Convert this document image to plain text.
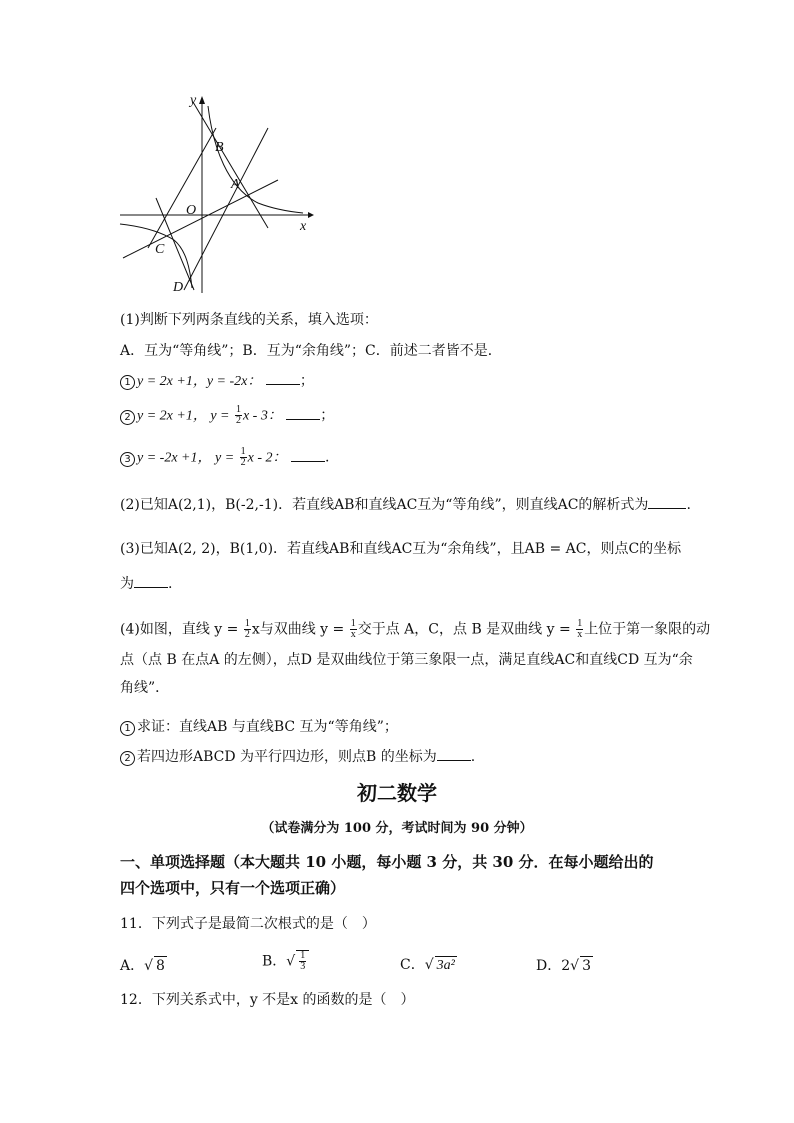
y
x
O
B
A
C
D
(1)判断下列两条直线的关系，填入选项：
A．互为“等角线”；B．互为“余角线”；C．前述二者皆不是．
1 y = 2x +1，y = -2x：	；
2 y = 2x +1， $y = \frac{1}{2}$ x - 3：	；
3 y = -2x +1， $y = \frac{1}{2}$ x - 2：	.
(2)已知A(2,1)，B(-2,-1)．若直线AB和直线AC互为“等角线”，则直线AC的解析式为	.
(3)已知A(2, 2)，B(1,0)．若直线AB和直线AC互为“余角线”，且AB = AC，则点C的坐标
为 .
(4)如图，直线 $y = \frac{1}{2}$ x与双曲线 $y = \frac{1}{x}$ 交于点 A，C，点 B 是双曲线 $y = \frac{1}{x}$ 上位于第一象限的动
点（点 B 在点A 的左侧），点D 是双曲线位于第三象限一点，满足直线AC和直线CD 互为“余
角线”．
1 求证：直线AB 与直线BC 互为“等角线”；
2 若四边形ABCD 为平行四边形，则点B 的坐标为 .
初二数学
（试卷满分为 100 分，考试时间为 90 分钟）
一、单项选择题（本大题共 10 小题，每小题 3 分，共 30 分．在每小题给出的
四个选项中，只有一个选项正确）
11．下列式子是最简二次根式的是（　）
A．√ 8	B．√ $\frac{1}{3}$	C．√ 3a²	D．2√ 3
12．下列关系式中，y 不是x 的函数的是（　）
